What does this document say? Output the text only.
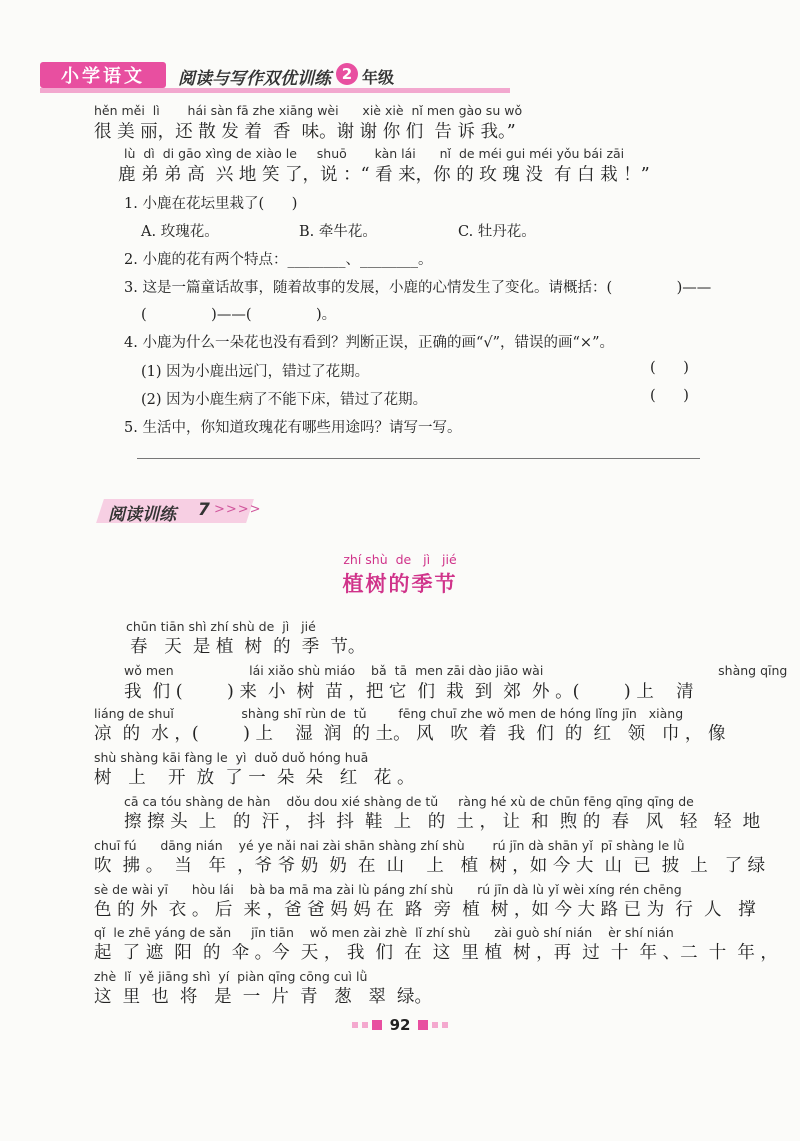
小学语文	阅读与写作双优训练 2 年级
hěn měi  lì       hái sàn fā zhe xiāng wèi      xiè xiè  nǐ men gào su wǒ
很 美 丽，还 散 发 着  香  味。谢 谢 你 们  告 诉 我。”
lù  dì  di gāo xìng de xiào le     shuō       kàn lái      nǐ  de méi gui méi yǒu bái zāi
鹿 弟 弟 高  兴 地 笑 了，说 ：“ 看 来，你 的 玫 瑰 没  有 白 栽 ！”
1. 小鹿在花坛里栽了(      )
A. 玫瑰花。	B. 牵牛花。	C. 牡丹花。
2. 小鹿的花有两个特点：________、________。
3. 这是一篇童话故事，随着故事的发展，小鹿的心情发生了变化。请概括：(              )——
(              )——(              )。
4. 小鹿为什么一朵花也没有看到？判断正误，正确的画“√”，错误的画“×”。
(1) 因为小鹿出远门，错过了花期。	(      )
(2) 因为小鹿生病了不能下床，错过了花期。	(      )
5. 生活中，你知道玫瑰花有哪些用途吗？请写一写。
阅读训练 7 >>>>
zhí shù  de   jì   jié
植树的季节
chūn tiān shì zhí shù de  jì   jié
春   天  是 植  树  的  季  节。
wǒ men                   lái xiǎo shù miáo    bǎ  tā  men zāi dào jiāo wài                                            shàng qīng
我  们 (        ) 来  小  树  苗 ，把 它  们  栽  到  郊  外 。(        ) 上    清
liáng de shuǐ                 shàng shī rùn de  tǔ        fēng chuī zhe wǒ men de hóng lǐng jīn   xiàng
凉  的  水 ，(        ) 上    湿  润  的 土。 风   吹  着  我  们  的  红   领   巾 ， 像
shù shàng kāi fàng le  yì  duǒ duǒ hóng huā
树   上    开  放  了 一  朵  朵   红   花 。
cā ca tóu shàng de hàn    dǒu dou xié shàng de tǔ     ràng hé xù de chūn fēng qīng qīng de
擦 擦 头  上   的  汗 ， 抖  抖  鞋  上   的  土 ， 让  和  煦 的  春   风   轻   轻  地
chuī fú      dāng nián    yé ye nǎi nai zài shān shàng zhí shù       rú jīn dà shān yǐ  pī shàng le lǜ
吹  拂 。  当   年  ，爷 爷 奶  奶  在  山    上   植  树 ，如 今 大  山  已  披  上   了 绿
sè de wài yī      hòu lái    bà ba mā ma zài lù páng zhí shù      rú jīn dà lù yǐ wèi xíng rén chēng
色 的 外  衣 。 后  来 ，爸 爸 妈 妈 在  路  旁  植  树 ，如 今 大 路 已 为  行  人   撑
qǐ  le zhē yáng de sǎn     jīn tiān    wǒ men zài zhè  lǐ zhí shù      zài guò shí nián    èr shí nián
起  了 遮  阳  的  伞 。今  天 ， 我  们  在  这  里 植  树 ，再  过  十  年 、二  十  年 ，
zhè  lǐ  yě jiāng shì  yí  piàn qīng cōng cuì lǜ
这  里  也  将   是  一  片  青   葱   翠  绿。
92
